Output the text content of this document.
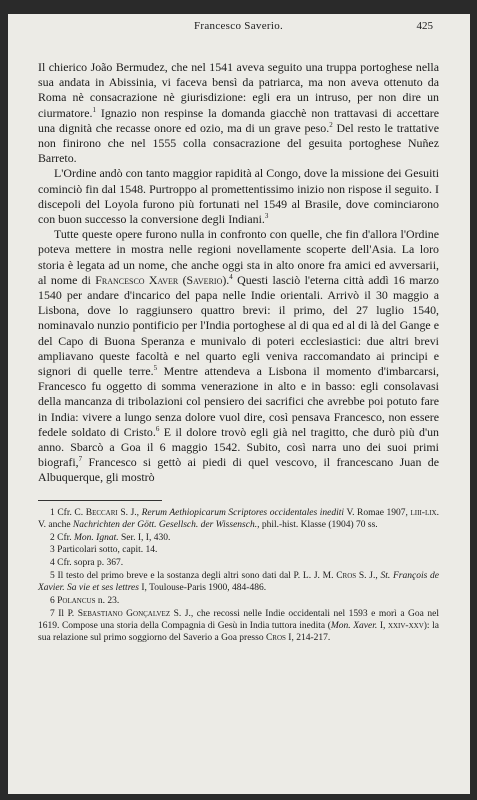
Francesco Saverio.	425

Il chierico João Bermudez, che nel 1541 aveva seguito una truppa portoghese nella sua andata in Abissinia, vi faceva bensì da patriarca, ma non aveva ottenuto da Roma nè consacrazione nè giurisdizione: egli era un intruso, per non dire un ciurmatore.$^1$ Ignazio non respinse la domanda giacchè non trattavasi di accettare una dignità che recasse onore ed ozio, ma di un grave peso.$^2$ Del resto le trattative non finirono che nel 1555 colla consacrazione del gesuita portoghese Nuñez Barreto.

L'Ordine andò con tanto maggior rapidità al Congo, dove la missione dei Gesuiti cominciò fin dal 1548. Purtroppo al promettentissimo inizio non rispose il seguito. I discepoli del Loyola furono più fortunati nel 1549 al Brasile, dove cominciarono con buon successo la conversione degli Indiani.$^3$

Tutte queste opere furono nulla in confronto con quelle, che fin d'allora l'Ordine poteva mettere in mostra nelle regioni novellamente scoperte dell'Asia. La loro storia è legata ad un nome, che anche oggi sta in alto onore fra amici ed avversarii, al nome di Francesco Xaver (Saverio).$^4$ Questi lasciò l'eterna città addì 16 marzo 1540 per andare d'incarico del papa nelle Indie orientali. Arrivò il 30 maggio a Lisbona, dove lo raggiunsero quattro brevi: il primo, del 27 luglio 1540, nominavalo nunzio pontificio per l'India portoghese al di qua ed al di là del Gange e del Capo di Buona Speranza e munivalo di poteri ecclesiastici: due altri brevi ampliavano queste facoltà e nel quarto egli veniva raccomandato ai principi e signori di quelle terre.$^5$ Mentre attendeva a Lisbona il momento d'imbarcarsi, Francesco fu oggetto di somma venerazione in alto e in basso: egli consolavasi della mancanza di tribolazioni col pensiero dei sacrifici che avrebbe poi potuto fare in India: vivere a lungo senza dolore vuol dire, così pensava Francesco, non essere fedele soldato di Cristo.$^6$ E il dolore trovò egli già nel tragitto, che durò più d'un anno. Sbarcò a Goa il 6 maggio 1542. Subito, così narra uno dei suoi primi biografi,$^7$ Francesco si gettò ai piedi di quel vescovo, il francescano Juan de Albuquerque, gli mostrò

1 Cfr. C. Beccari S. J., Rerum Aethiopicarum Scriptores occidentales inediti V. Romae 1907, liii-lix. V. anche Nachrichten der Gött. Gesellsch. der Wissensch., phil.-hist. Klasse (1904) 70 ss.

2 Cfr. Mon. Ignat. Ser. I, I, 430.

3 Particolari sotto, capit. 14.

4 Cfr. sopra p. 367.

5 Il testo del primo breve e la sostanza degli altri sono dati dal P. L. J. M. Cros S. J., St. François de Xavier. Sa vie et ses lettres I, Toulouse-Paris 1900, 484-486.

6 Polancus n. 23.

7 Il P. Sebastiano Gonçalvez S. J., che recossi nelle Indie occidentali nel 1593 e morì a Goa nel 1619. Compose una storia della Compagnia di Gesù in India tuttora inedita (Mon. Xaver. I, xxiv-xxv): la sua relazione sul primo soggiorno del Saverio a Goa presso Cros I, 214-217.
